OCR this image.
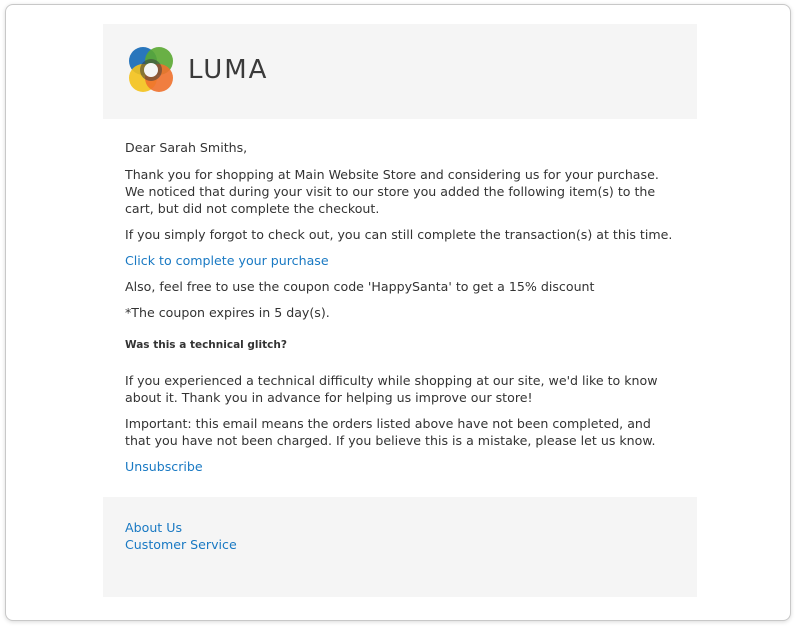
LUMA

Dear Sarah Smiths,

Thank you for shopping at Main Website Store and considering us for your purchase. We noticed that during your visit to our store you added the following item(s) to the cart, but did not complete the checkout.

If you simply forgot to check out, you can still complete the transaction(s) at this time.

Click to complete your purchase

Also, feel free to use the coupon code 'HappySanta' to get a 15% discount

*The coupon expires in 5 day(s).

Was this a technical glitch?

If you experienced a technical difficulty while shopping at our site, we'd like to know about it. Thank you in advance for helping us improve our store!

Important: this email means the orders listed above have not been completed, and that you have not been charged. If you believe this is a mistake, please let us know.

Unsubscribe

About Us
Customer Service
